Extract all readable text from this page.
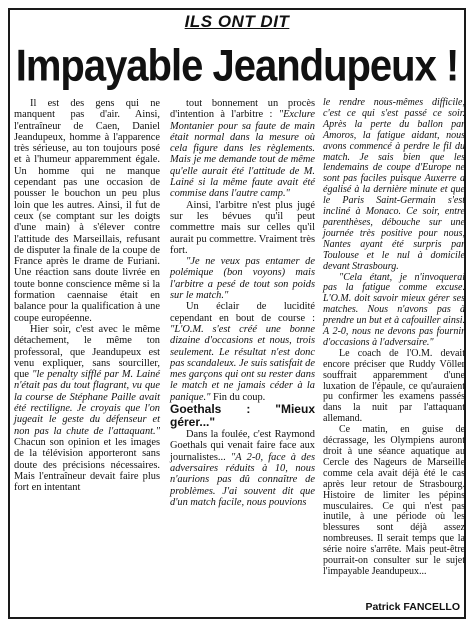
ILS ONT DIT
Impayable Jeandupeux !

Il est des gens qui ne manquent pas d'air. Ainsi, l'entraîneur de Caen, Daniel Jeandupeux, homme à l'apparence très sérieuse, au ton toujours posé et à l'humeur apparemment égale. Un homme qui ne manque cependant pas une occasion de pousser le bouchon un peu plus loin que les autres. Ainsi, il fut de ceux (se comptant sur les doigts d'une main) à s'élever contre l'attitude des Marseillais, refusant de disputer la finale de la coupe de France après le drame de Furiani. Une réaction sans doute livrée en toute bonne conscience même si la formation caennaise était en balance pour la qualification à une coupe européenne.

Hier soir, c'est avec le même détachement, le même ton professoral, que Jeandupeux est venu expliquer, sans sourciller, que "le penalty sifflé par M. Lainé n'était pas du tout flagrant, vu que la course de Stéphane Paille avait été rectiligne. Je croyais que l'on jugeait le geste du défenseur et non pas la chute de l'attaquant." Chacun son opinion et les images de la télévision apporteront sans doute des précisions nécessaires. Mais l'entraîneur devait faire plus fort en intentant

tout bonnement un procès d'intention à l'arbitre : "Exclure Montanier pour sa faute de main était normal dans la mesure où cela figure dans les règlements. Mais je me demande tout de même qu'elle aurait été l'attitude de M. Lainé si la même faute avait été commise dans l'autre camp."

Ainsi, l'arbitre n'est plus jugé sur les bévues qu'il peut commettre mais sur celles qu'il aurait pu commettre. Vraiment très fort.

"Je ne veux pas entamer de polémique (bon voyons) mais l'arbitre a pesé de tout son poids sur le match."

Un éclair de lucidité cependant en bout de course : "L'O.M. s'est créé une bonne dizaine d'occasions et nous, trois seulement. Le résultat n'est donc pas scandaleux. Je suis satisfait de mes garçons qui ont su rester dans le match et ne jamais céder à la panique." Fin du coup.

Goethals : "Mieux gérer..."

Dans la foulée, c'est Raymond Goethals qui venait faire face aux journalistes... "A 2-0, face à des adversaires réduits à 10, nous n'aurions pas dû connaître de problèmes. J'ai souvent dit que d'un match facile, nous pouvions

le rendre nous-mêmes difficile, c'est ce qui s'est passé ce soir. Après la perte du ballon par Amoros, la fatigue aidant, nous avons commencé à perdre le fil du match. Je sais bien que les lendemains de coupe d'Europe ne sont pas faciles puisque Auxerre a égalisé à la dernière minute et que le Paris Saint-Germain s'est incliné à Monaco. Ce soir, entre parenthèses, débouche sur une journée très positive pour nous, Nantes ayant été surpris par Toulouse et le nul à domicile devant Strasbourg.

"Cela étant, je n'invoquerai pas la fatigue comme excuse. L'O.M. doit savoir mieux gérer ses matches. Nous n'avons pas à prendre un but et à cafouiller ainsi. A 2-0, nous ne devons pas fournir d'occasions à l'adversaire."

Le coach de l'O.M. devait encore préciser que Ruddy Völler souffrait apparemment d'une luxation de l'épaule, ce qu'auraient pu confirmer les examens passés dans la nuit par l'attaquant allemand.

Ce matin, en guise de décrassage, les Olympiens auront droit à une séance aquatique au Cercle des Nageurs de Marseille comme cela avait déjà été le cas après leur retour de Strasbourg. Histoire de limiter les pépins musculaires. Ce qui n'est pas inutile, à une période où les blessures sont déjà assez nombreuses. Il serait temps que la série noire s'arrête. Mais peut-être pourrait-on consulter sur le sujet l'impayable Jeandupeux...

Patrick FANCELLO
